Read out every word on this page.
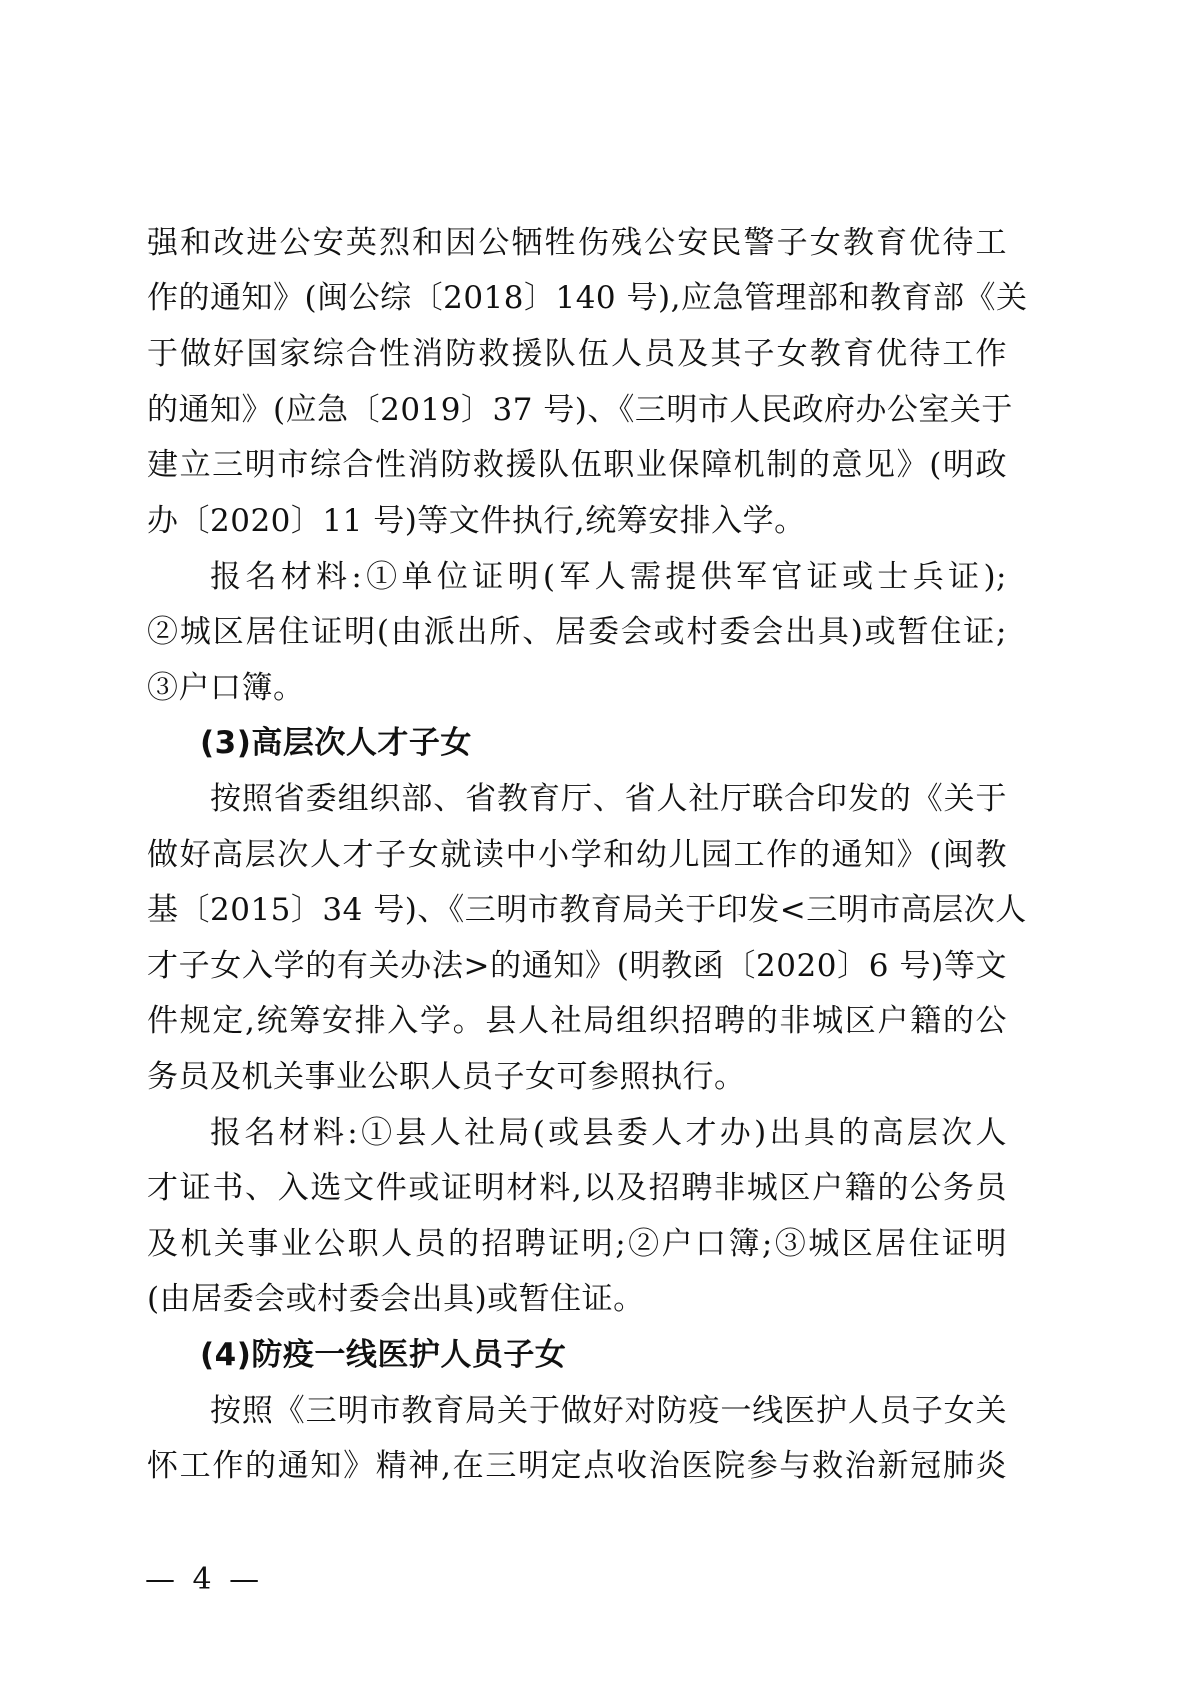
强和改进公安英烈和因公牺牲伤残公安民警子女教育优待工
作的通知》(闽公综〔2018〕140 号),应急管理部和教育部《关
于做好国家综合性消防救援队伍人员及其子女教育优待工作
的通知》(应急〔2019〕37 号)、《三明市人民政府办公室关于
建立三明市综合性消防救援队伍职业保障机制的意见》(明政
办〔2020〕11 号)等文件执行,统筹安排入学。
报名材料:①单位证明(军人需提供军官证或士兵证);
②城区居住证明(由派出所、居委会或村委会出具)或暂住证;
③户口簿。
(3)高层次人才子女
按照省委组织部、省教育厅、省人社厅联合印发的《关于
做好高层次人才子女就读中小学和幼儿园工作的通知》(闽教
基〔2015〕34 号)、《三明市教育局关于印发<三明市高层次人
才子女入学的有关办法>的通知》(明教函〔2020〕6 号)等文
件规定,统筹安排入学。县人社局组织招聘的非城区户籍的公
务员及机关事业公职人员子女可参照执行。
报名材料:①县人社局(或县委人才办)出具的高层次人
才证书、入选文件或证明材料,以及招聘非城区户籍的公务员
及机关事业公职人员的招聘证明;②户口簿;③城区居住证明
(由居委会或村委会出具)或暂住证。
(4)防疫一线医护人员子女
按照《三明市教育局关于做好对防疫一线医护人员子女关
怀工作的通知》精神,在三明定点收治医院参与救治新冠肺炎
— 4 —
